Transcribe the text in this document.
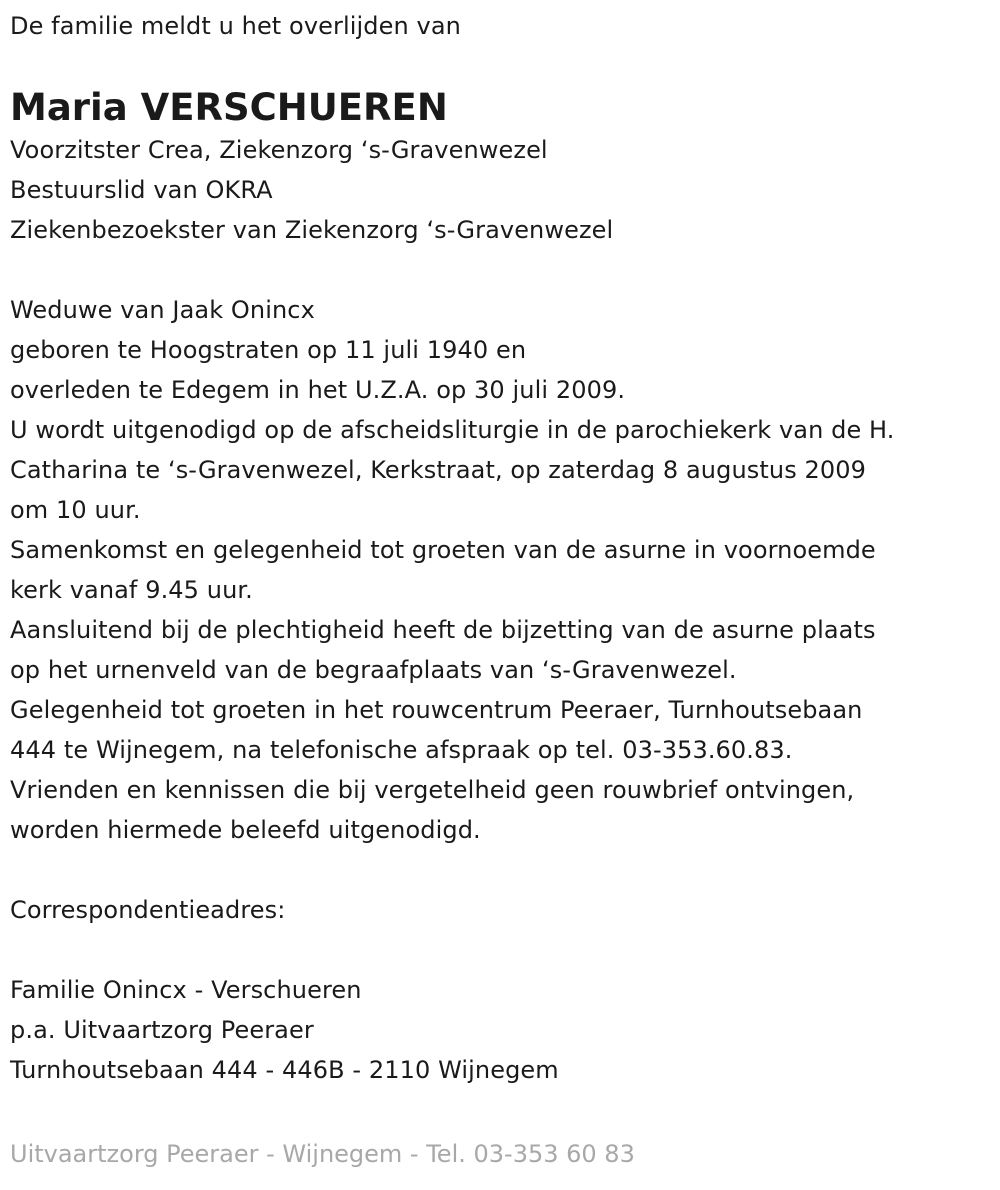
De familie meldt u het overlijden van
Maria VERSCHUEREN
Voorzitster Crea, Ziekenzorg ‘s-Gravenwezel
Bestuurslid van OKRA
Ziekenbezoekster van Ziekenzorg ‘s-Gravenwezel
Weduwe van Jaak Onincx
geboren te Hoogstraten op 11 juli 1940 en
overleden te Edegem in het U.Z.A. op 30 juli 2009.
U wordt uitgenodigd op de afscheidsliturgie in de parochiekerk van de H.
Catharina te ‘s-Gravenwezel, Kerkstraat, op zaterdag 8 augustus 2009
om 10 uur.
Samenkomst en gelegenheid tot groeten van de asurne in voornoemde
kerk vanaf 9.45 uur.
Aansluitend bij de plechtigheid heeft de bijzetting van de asurne plaats
op het urnenveld van de begraafplaats van ‘s-Gravenwezel.
Gelegenheid tot groeten in het rouwcentrum Peeraer, Turnhoutsebaan
444 te Wijnegem, na telefonische afspraak op tel. 03-353.60.83.
Vrienden en kennissen die bij vergetelheid geen rouwbrief ontvingen,
worden hiermede beleefd uitgenodigd.
Correspondentieadres:
Familie Onincx - Verschueren
p.a. Uitvaartzorg Peeraer
Turnhoutsebaan 444 - 446B - 2110 Wijnegem
Uitvaartzorg Peeraer - Wijnegem - Tel. 03-353 60 83
